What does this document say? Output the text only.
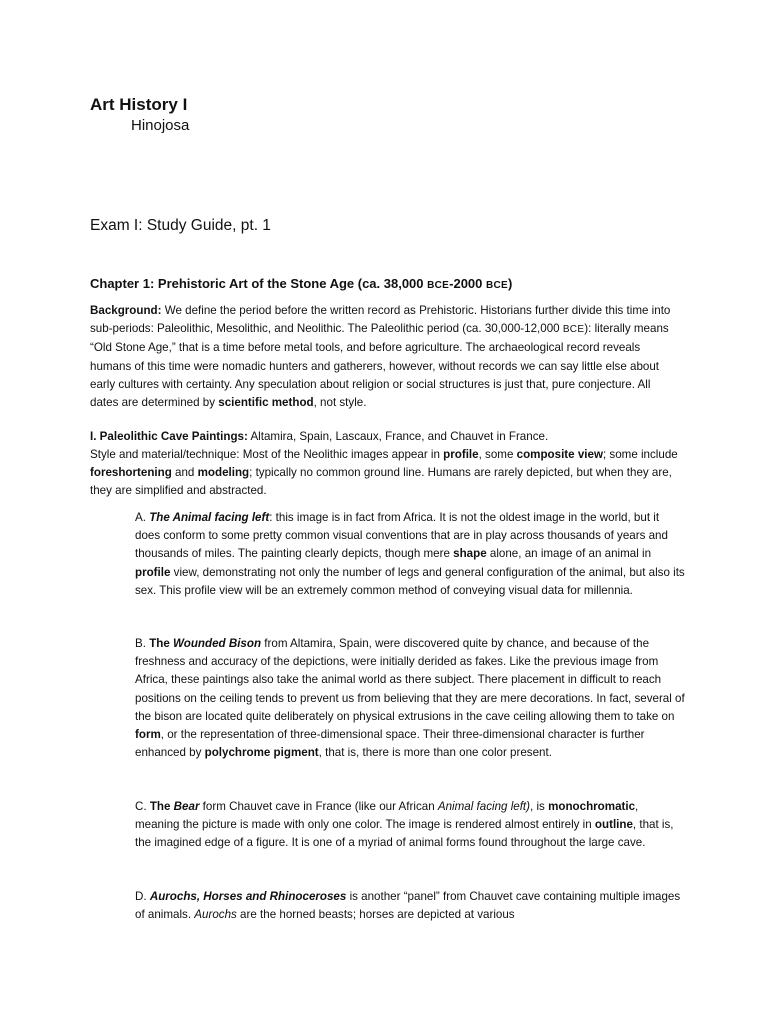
Art History I
Hinojosa
Exam I: Study Guide, pt. 1
Chapter 1: Prehistoric Art of the Stone Age (ca. 38,000 BCE-2000 BCE)

Background: We define the period before the written record as Prehistoric. Historians further divide this time into sub-periods: Paleolithic, Mesolithic, and Neolithic. The Paleolithic period (ca. 30,000-12,000 BCE): literally means “Old Stone Age,” that is a time before metal tools, and before agriculture. The archaeological record reveals humans of this time were nomadic hunters and gatherers, however, without records we can say little else about early cultures with certainty. Any speculation about religion or social structures is just that, pure conjecture. All dates are determined by scientific method, not style.

I. Paleolithic Cave Paintings: Altamira, Spain, Lascaux, France, and Chauvet in France.

Style and material/technique: Most of the Neolithic images appear in profile, some composite view; some include foreshortening and modeling; typically no common ground line. Humans are rarely depicted, but when they are, they are simplified and abstracted.

A. The Animal facing left: this image is in fact from Africa. It is not the oldest image in the world, but it does conform to some pretty common visual conventions that are in play across thousands of years and thousands of miles. The painting clearly depicts, though mere shape alone, an image of an animal in profile view, demonstrating not only the number of legs and general configuration of the animal, but also its sex. This profile view will be an extremely common method of conveying visual data for millennia.

B. The Wounded Bison from Altamira, Spain, were discovered quite by chance, and because of the freshness and accuracy of the depictions, were initially derided as fakes. Like the previous image from Africa, these paintings also take the animal world as there subject. There placement in difficult to reach positions on the ceiling tends to prevent us from believing that they are mere decorations. In fact, several of the bison are located quite deliberately on physical extrusions in the cave ceiling allowing them to take on form, or the representation of three-dimensional space. Their three-dimensional character is further enhanced by polychrome pigment, that is, there is more than one color present.

C. The Bear form Chauvet cave in France (like our African Animal facing left), is monochromatic, meaning the picture is made with only one color. The image is rendered almost entirely in outline, that is, the imagined edge of a figure. It is one of a myriad of animal forms found throughout the large cave.

D. Aurochs, Horses and Rhinoceroses is another “panel” from Chauvet cave containing multiple images of animals. Aurochs are the horned beasts; horses are depicted at various
